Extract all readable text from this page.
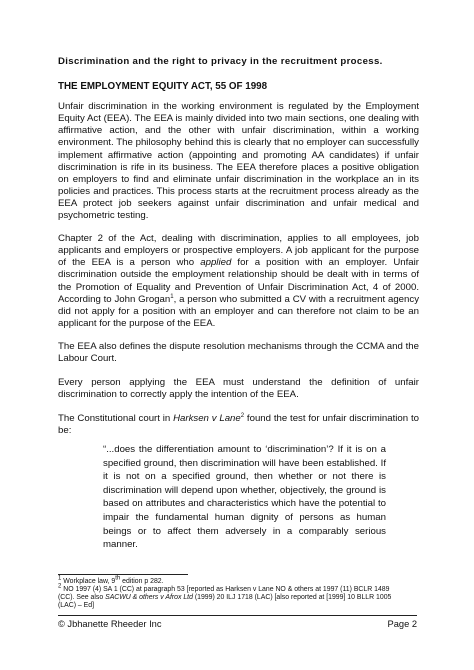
Discrimination and the right to privacy in the recruitment process.
THE EMPLOYMENT EQUITY ACT, 55 OF 1998
Unfair discrimination in the working environment is regulated by the Employment
Equity Act (EEA). The EEA is mainly divided into two main sections, one dealing with
affirmative action, and the other with unfair discrimination, within a working
environment. The philosophy behind this is clearly that no employer can successfully
implement affirmative action (appointing and promoting AA candidates) if unfair
discrimination is rife in its business. The EEA therefore places a positive obligation
on employers to find and eliminate unfair discrimination in the workplace an in its
policies and practices. This process starts at the recruitment process already as the
EEA protect job seekers against unfair discrimination and unfair medical and
psychometric testing.
Chapter 2 of the Act, dealing with discrimination, applies to all employees, job
applicants and employers or prospective employers. A job applicant for the purpose
of the EEA is a person who applied for a position with an employer. Unfair
discrimination outside the employment relationship should be dealt with in terms of
the Promotion of Equality and Prevention of Unfair Discrimination Act, 4 of 2000.
According to John Grogan$^1$, a person who submitted a CV with a recruitment agency
did not apply for a position with an employer and can therefore not claim to be an
applicant for the purpose of the EEA.
The EEA also defines the dispute resolution mechanisms through the CCMA and the
Labour Court.
Every person applying the EEA must understand the definition of unfair
discrimination to correctly apply the intention of the EEA.
The Constitutional court in Harksen v Lane$^2$ found the test for unfair discrimination to
be:
“...does the differentiation amount to ‘discrimination’? If it is on a
specified ground, then discrimination will have been established. If
it is not on a specified ground, then whether or not there is
discrimination will depend upon whether, objectively, the ground is
based on attributes and characteristics which have the potential to
impair the fundamental human dignity of persons as human
beings or to affect them adversely in a comparably serious
manner.
$^1$ Workplace law, 9th edition p 282.
$^2$ NO 1997 (4) SA 1 (CC) at paragraph 53 [reported as Harksen v Lane NO & others at 1997 (11) BCLR 1489
(CC). See also SACWU & others v Afrox Ltd (1999) 20 ILJ 1718 (LAC) [also reported at [1999] 10 BLLR 1005
(LAC) – Ed]
© Jbhanette Rheeder Inc	Page 2
